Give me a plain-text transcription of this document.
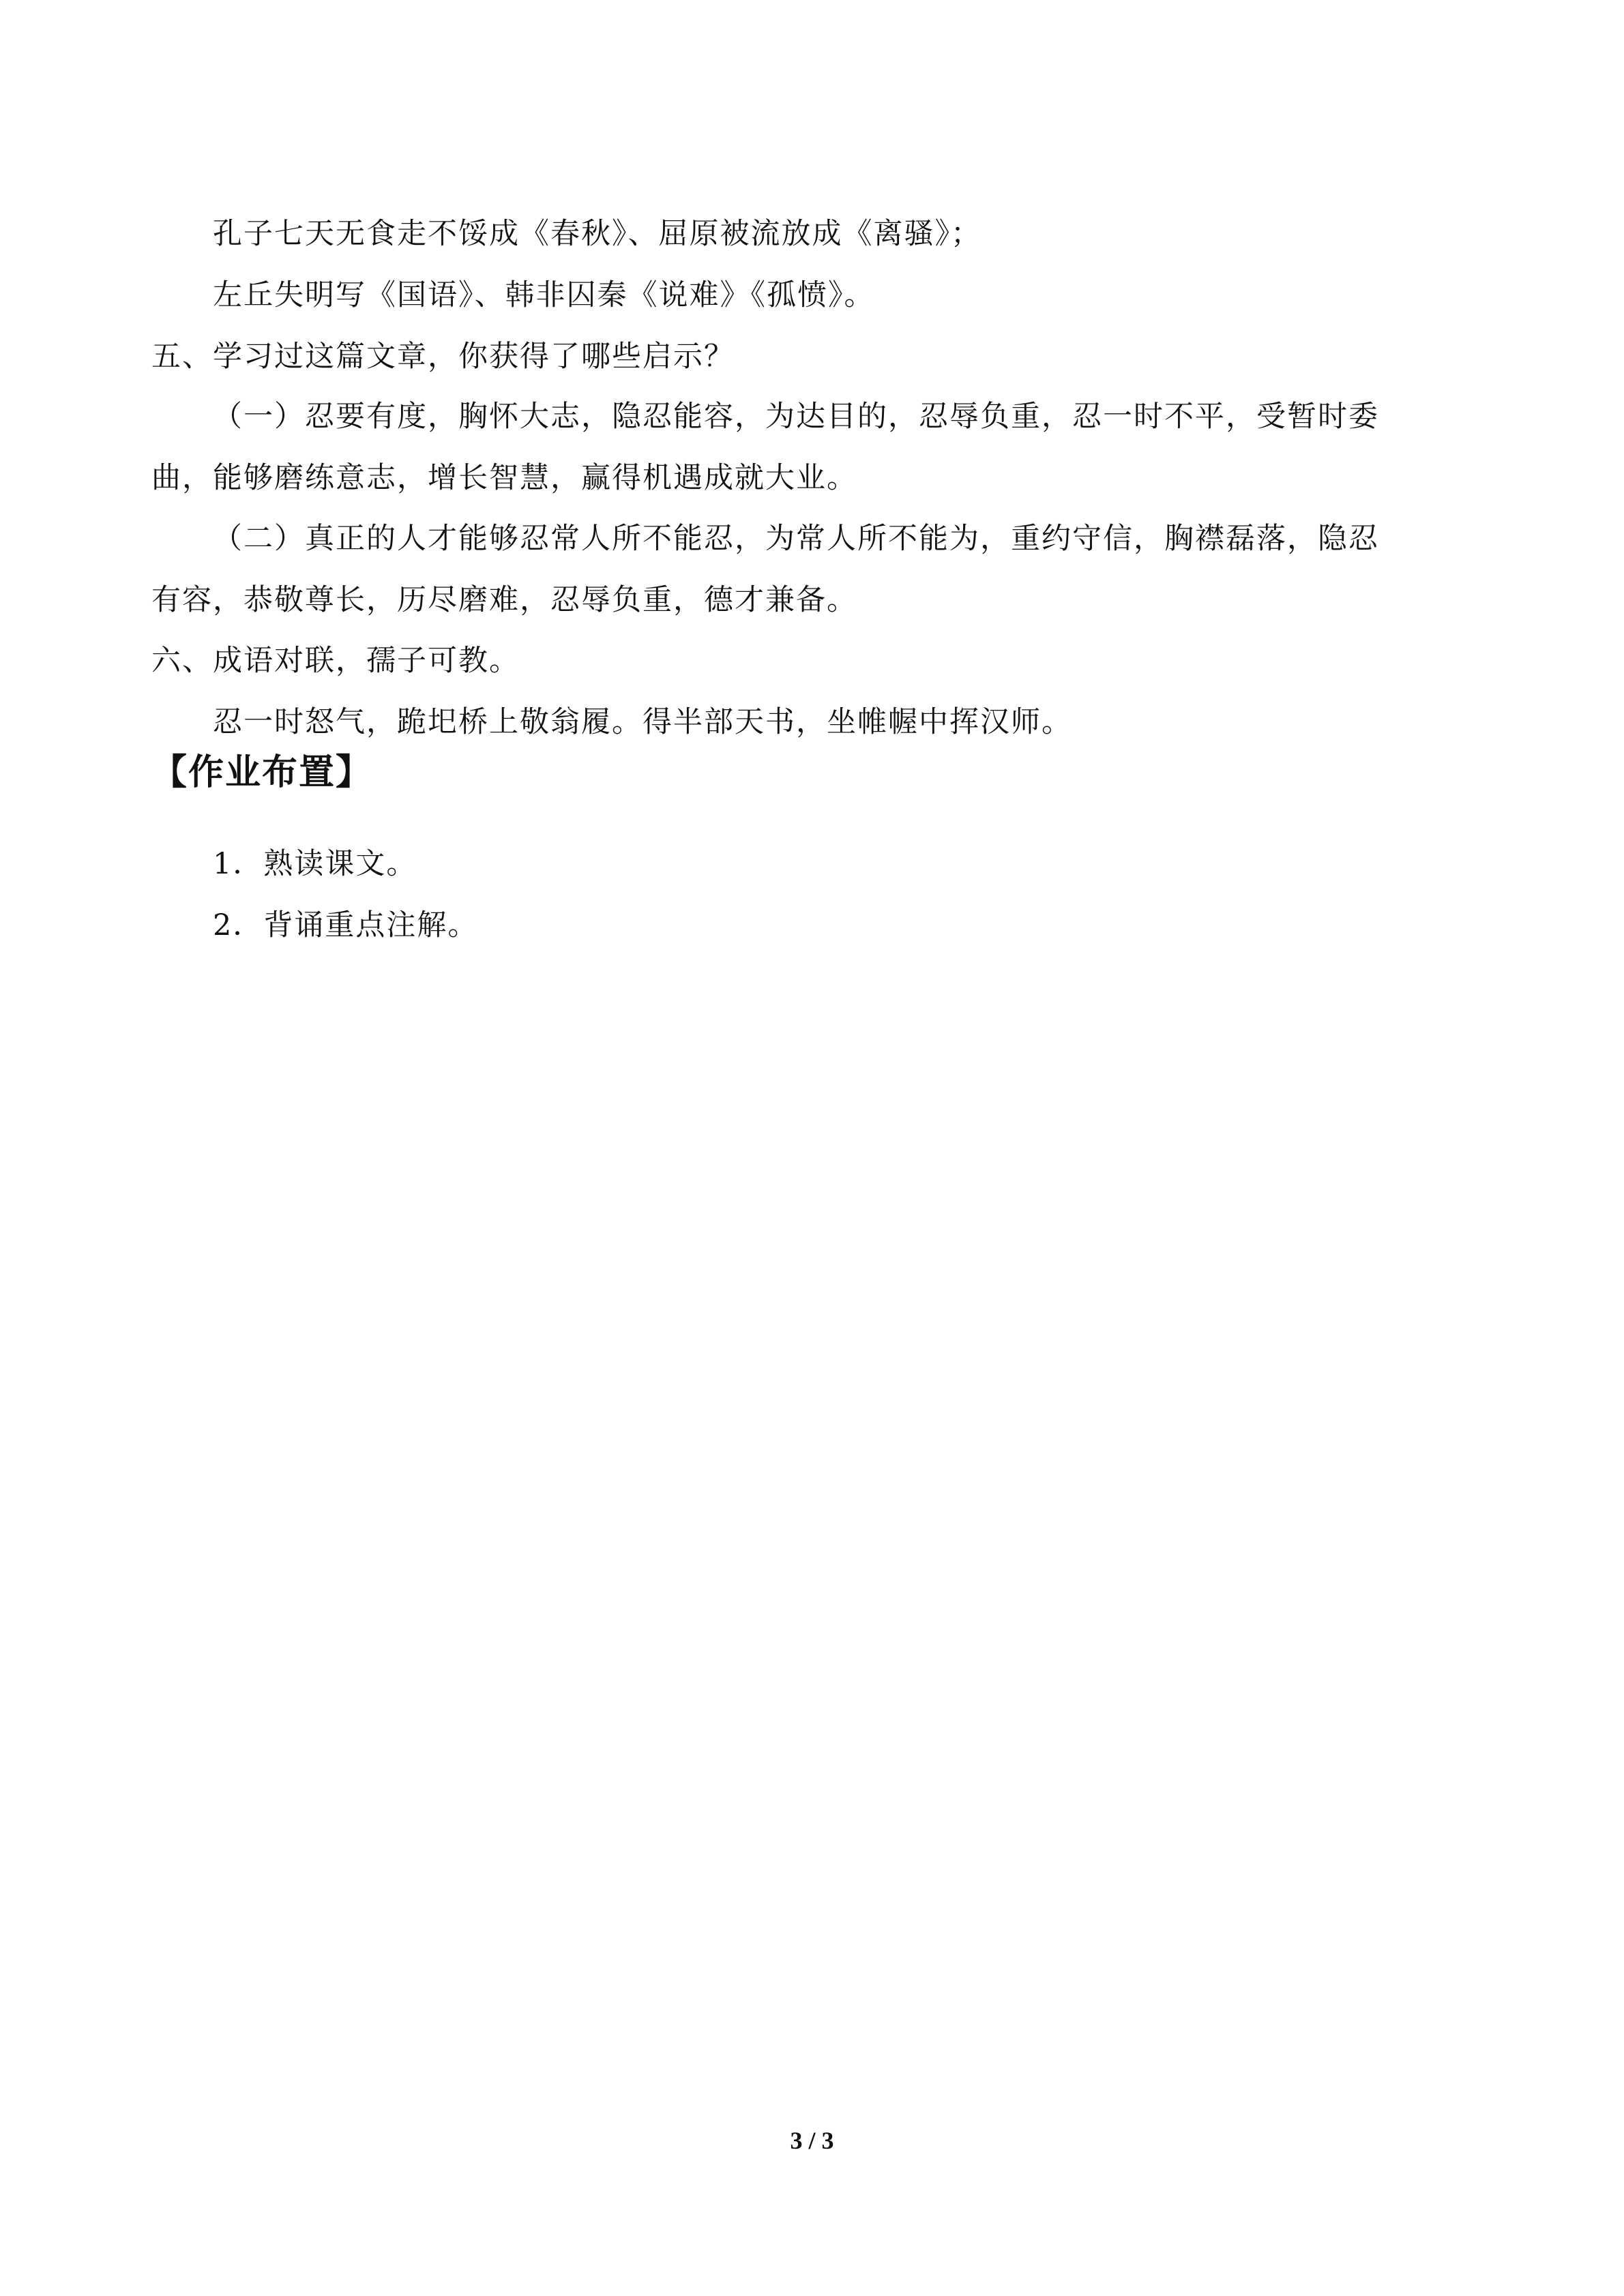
孔子七天无食走不馁成《春秋》、屈原被流放成《离骚》；
左丘失明写《国语》、韩非囚秦《说难》《孤愤》。
五、学习过这篇文章，你获得了哪些启示？
（一）忍要有度，胸怀大志，隐忍能容，为达目的，忍辱负重，忍一时不平，受暂时委
曲，能够磨练意志，增长智慧，赢得机遇成就大业。
（二）真正的人才能够忍常人所不能忍，为常人所不能为，重约守信，胸襟磊落，隐忍
有容，恭敬尊长，历尽磨难，忍辱负重，德才兼备。
六、成语对联，孺子可教。
忍一时怒气，跪圯桥上敬翁履。得半部天书，坐帷幄中挥汉师。
【作业布置】
1．熟读课文。
2．背诵重点注解。
3 / 3
